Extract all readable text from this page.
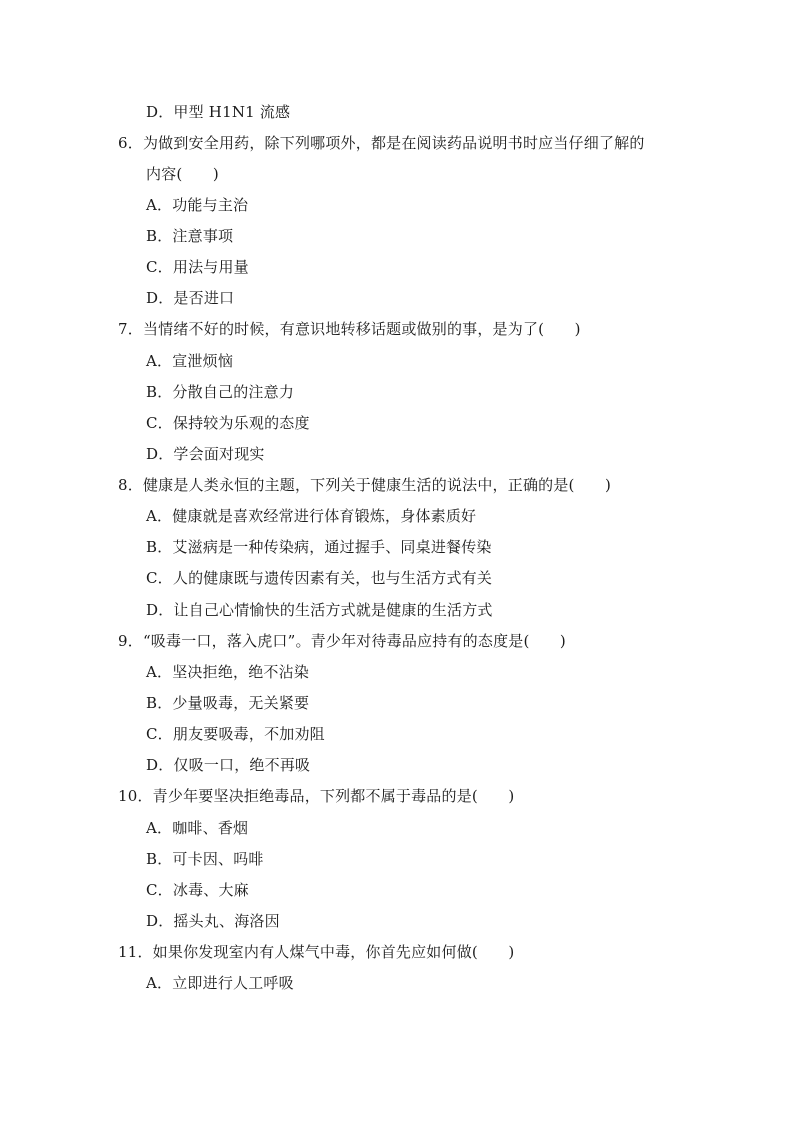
D．甲型 H1N1 流感
6．为做到安全用药，除下列哪项外，都是在阅读药品说明书时应当仔细了解的
内容(　　)
A．功能与主治
B．注意事项
C．用法与用量
D．是否进口
7．当情绪不好的时候，有意识地转移话题或做别的事，是为了(　　)
A．宣泄烦恼
B．分散自己的注意力
C．保持较为乐观的态度
D．学会面对现实
8．健康是人类永恒的主题，下列关于健康生活的说法中，正确的是(　　)
A．健康就是喜欢经常进行体育锻炼，身体素质好
B．艾滋病是一种传染病，通过握手、同桌进餐传染
C．人的健康既与遗传因素有关，也与生活方式有关
D．让自己心情愉快的生活方式就是健康的生活方式
9．“吸毒一口，落入虎口”。青少年对待毒品应持有的态度是(　　)
A．坚决拒绝，绝不沾染
B．少量吸毒，无关紧要
C．朋友要吸毒，不加劝阻
D．仅吸一口，绝不再吸
10．青少年要坚决拒绝毒品，下列都不属于毒品的是(　　)
A．咖啡、香烟
B．可卡因、吗啡
C．冰毒、大麻
D．摇头丸、海洛因
11．如果你发现室内有人煤气中毒，你首先应如何做(　　)
A．立即进行人工呼吸
